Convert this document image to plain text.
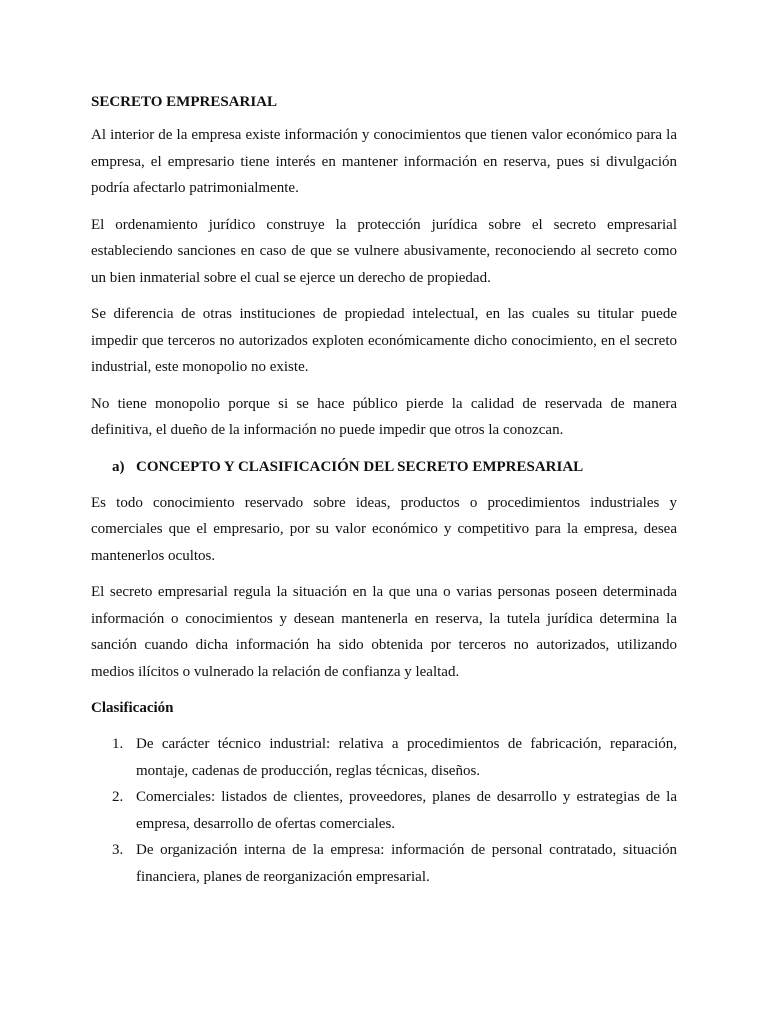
SECRETO EMPRESARIAL

Al interior de la empresa existe información y conocimientos que tienen valor económico para la empresa, el empresario tiene interés en mantener información en reserva, pues si divulgación podría afectarlo patrimonialmente.

El ordenamiento jurídico construye la protección jurídica sobre el secreto empresarial estableciendo sanciones en caso de que se vulnere abusivamente, reconociendo al secreto como un bien inmaterial sobre el cual se ejerce un derecho de propiedad.

Se diferencia de otras instituciones de propiedad intelectual, en las cuales su titular puede impedir que terceros no autorizados exploten económicamente dicho conocimiento, en el secreto industrial, este monopolio no existe.

No tiene monopolio porque si se hace público pierde la calidad de reservada de manera definitiva, el dueño de la información no puede impedir que otros la conozcan.

a) CONCEPTO Y CLASIFICACIÓN DEL SECRETO EMPRESARIAL

Es todo conocimiento reservado sobre ideas, productos o procedimientos industriales y comerciales que el empresario, por su valor económico y competitivo para la empresa, desea mantenerlos ocultos.

El secreto empresarial regula la situación en la que una o varias personas poseen determinada información o conocimientos y desean mantenerla en reserva, la tutela jurídica determina la sanción cuando dicha información ha sido obtenida por terceros no autorizados, utilizando medios ilícitos o vulnerado la relación de confianza y lealtad.

Clasificación
1. De carácter técnico industrial: relativa a procedimientos de fabricación, reparación, montaje, cadenas de producción, reglas técnicas, diseños.
2. Comerciales: listados de clientes, proveedores, planes de desarrollo y estrategias de la empresa, desarrollo de ofertas comerciales.
3. De organización interna de la empresa: información de personal contratado, situación financiera, planes de reorganización empresarial.
